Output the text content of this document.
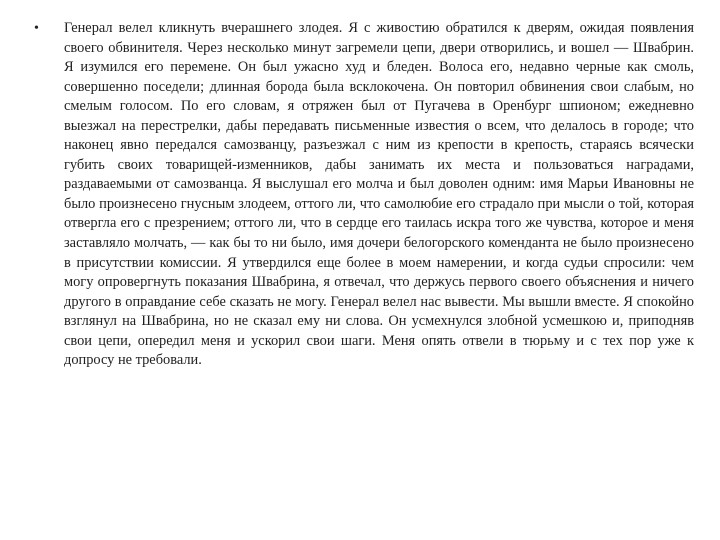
•	Генерал велел кликнуть вчерашнего злодея. Я с живостию обратился к дверям, ожидая появления своего обвинителя. Через несколько минут загремели цепи, двери отворились, и вошел — Швабрин. Я изумился его перемене. Он был ужасно худ и бледен. Волоса его, недавно черные как смоль, совершенно поседели; длинная борода была всклокочена. Он повторил обвинения свои слабым, но смелым голосом. По его словам, я отряжен был от Пугачева в Оренбург шпионом; ежедневно выезжал на перестрелки, дабы передавать письменные известия о всем, что делалось в городе; что наконец явно передался самозванцу, разъезжал с ним из крепости в крепость, стараясь всячески губить своих товарищей-изменников, дабы занимать их места и пользоваться наградами, раздаваемыми от самозванца. Я выслушал его молча и был доволен одним: имя Марьи Ивановны не было произнесено гнусным злодеем, оттого ли, что самолюбие его страдало при мысли о той, которая отвергла его с презрением; оттого ли, что в сердце его таилась искра того же чувства, которое и меня заставляло молчать, — как бы то ни было, имя дочери белогорского коменданта не было произнесено в присутствии комиссии. Я утвердился еще более в моем намерении, и когда судьи спросили: чем могу опровергнуть показания Швабрина, я отвечал, что держусь первого своего объяснения и ничего другого в оправдание себе сказать не могу. Генерал велел нас вывести. Мы вышли вместе. Я спокойно взглянул на Швабрина, но не сказал ему ни слова. Он усмехнулся злобной усмешкою и, приподняв свои цепи, опередил меня и ускорил свои шаги. Меня опять отвели в тюрьму и с тех пор уже к допросу не требовали.
